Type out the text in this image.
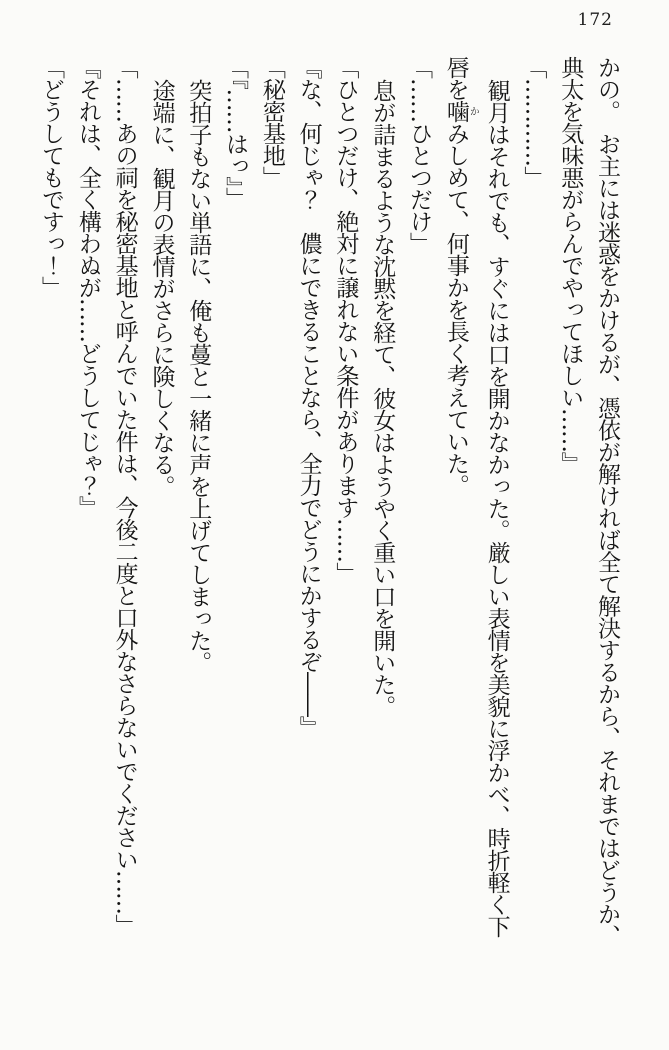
172
かの。　お主には迷惑をかけるが、憑依が解ければ全て解決するから、それまではどうか、
典太を気味悪がらんでやってほしい……』
「…………」
観月はそれでも、すぐには口を開かなかった。厳しい表情を美貌に浮かべ、時折軽く下
唇を噛かみしめて、何事かを長く考えていた。
「……ひとつだけ」
息が詰まるような沈黙を経て、彼女はようやく重い口を開いた。
「ひとつだけ、絶対に譲れない条件があります……」
『な、何じゃ？　儂にできることなら、全力でどうにかするぞ――』
「秘密基地」
「『……はっ』」
突拍子もない単語に、俺も蔓と一緒に声を上げてしまった。
途端に、観月の表情がさらに険しくなる。
「……あの祠を秘密基地と呼んでいた件は、今後二度と口外なさらないでください……」
『それは、全く構わぬが……どうしてじゃ？』
「どうしてもですっ！」
